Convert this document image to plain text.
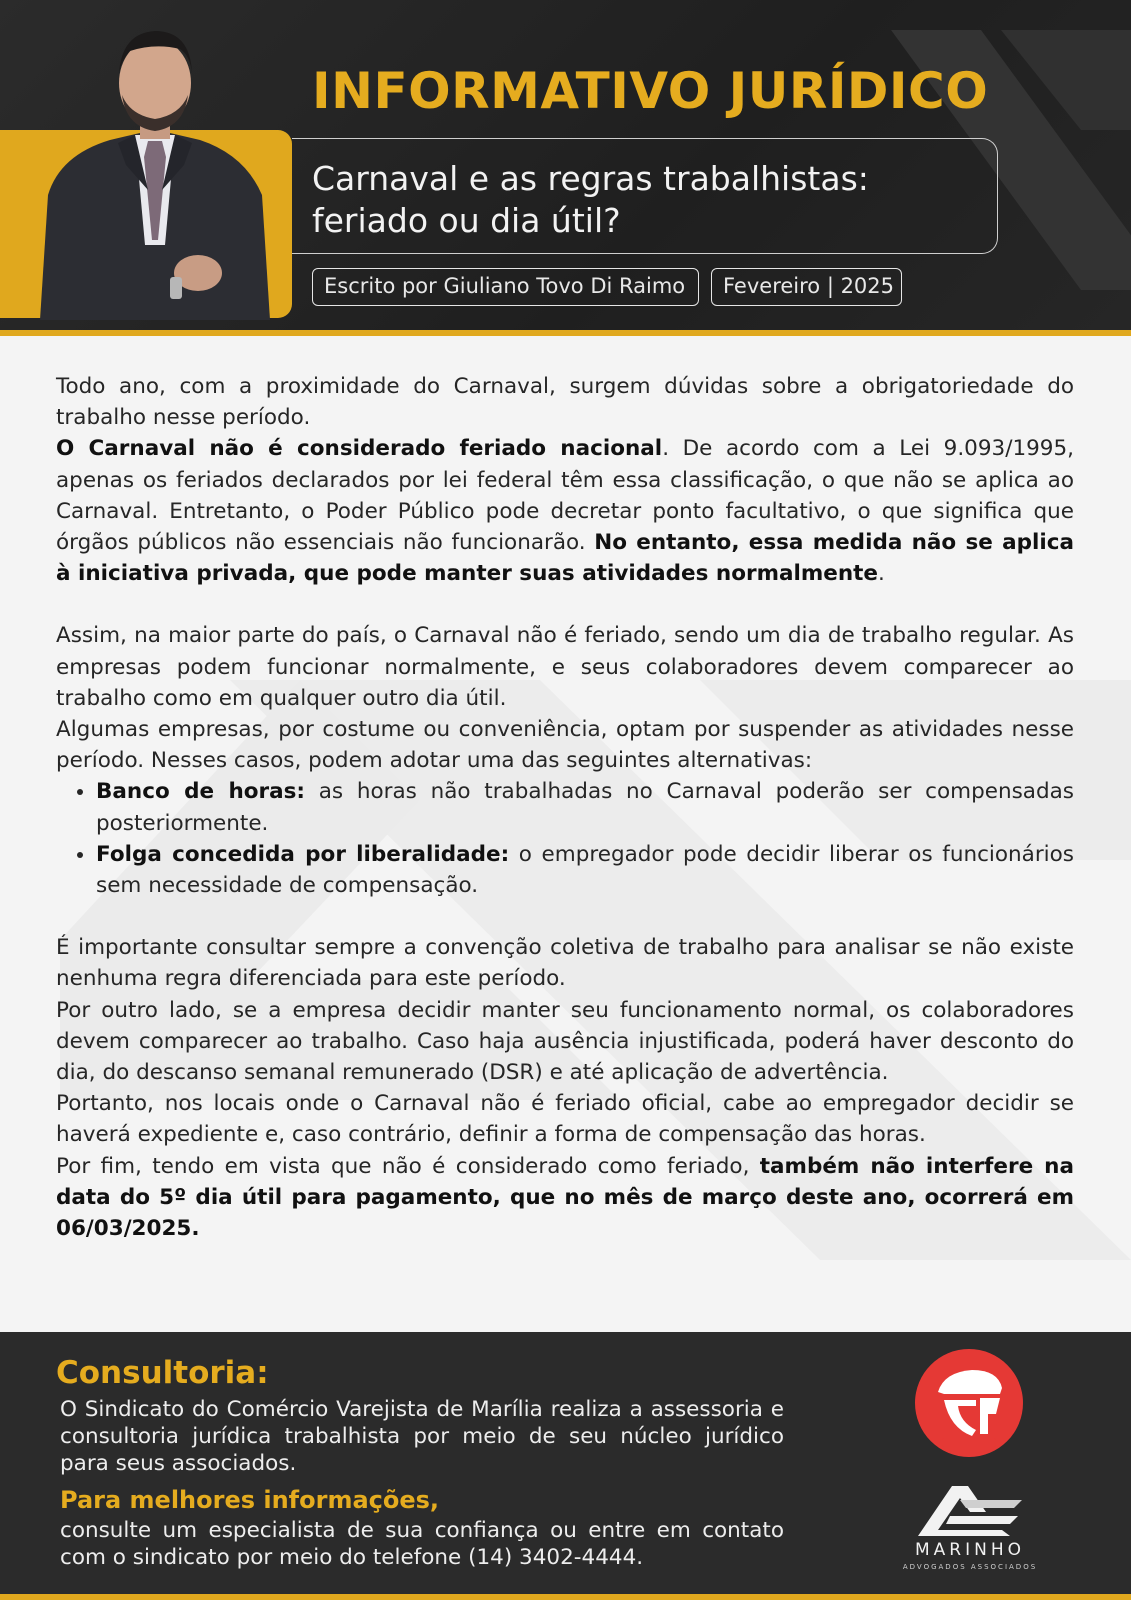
INFORMATIVO JURÍDICO
Carnaval e as regras trabalhistas: feriado ou dia útil?
Escrito por Giuliano Tovo Di Raimo	Fevereiro | 2025

Todo ano, com a proximidade do Carnaval, surgem dúvidas sobre a obrigatoriedade do trabalho nesse período.

O Carnaval não é considerado feriado nacional. De acordo com a Lei 9.093/1995, apenas os feriados declarados por lei federal têm essa classificação, o que não se aplica ao Carnaval. Entretanto, o Poder Público pode decretar ponto facultativo, o que significa que órgãos públicos não essenciais não funcionarão. No entanto, essa medida não se aplica à iniciativa privada, que pode manter suas atividades normalmente.

Assim, na maior parte do país, o Carnaval não é feriado, sendo um dia de trabalho regular. As empresas podem funcionar normalmente, e seus colaboradores devem comparecer ao trabalho como em qualquer outro dia útil.

Algumas empresas, por costume ou conveniência, optam por suspender as atividades nesse período. Nesses casos, podem adotar uma das seguintes alternativas:

• Banco de horas: as horas não trabalhadas no Carnaval poderão ser compensadas posteriormente.
• Folga concedida por liberalidade: o empregador pode decidir liberar os funcionários sem necessidade de compensação.

É importante consultar sempre a convenção coletiva de trabalho para analisar se não existe nenhuma regra diferenciada para este período.

Por outro lado, se a empresa decidir manter seu funcionamento normal, os colaboradores devem comparecer ao trabalho. Caso haja ausência injustificada, poderá haver desconto do dia, do descanso semanal remunerado (DSR) e até aplicação de advertência.

Portanto, nos locais onde o Carnaval não é feriado oficial, cabe ao empregador decidir se haverá expediente e, caso contrário, definir a forma de compensação das horas.

Por fim, tendo em vista que não é considerado como feriado, também não interfere na data do 5º dia útil para pagamento, que no mês de março deste ano, ocorrerá em 06/03/2025.

Consultoria:
O Sindicato do Comércio Varejista de Marília realiza a assessoria e consultoria jurídica trabalhista por meio de seu núcleo jurídico para seus associados.
Para melhores informações,
consulte um especialista de sua confiança ou entre em contato com o sindicato por meio do telefone (14) 3402-4444.	MARINHO
ADVOGADOS ASSOCIADOS
